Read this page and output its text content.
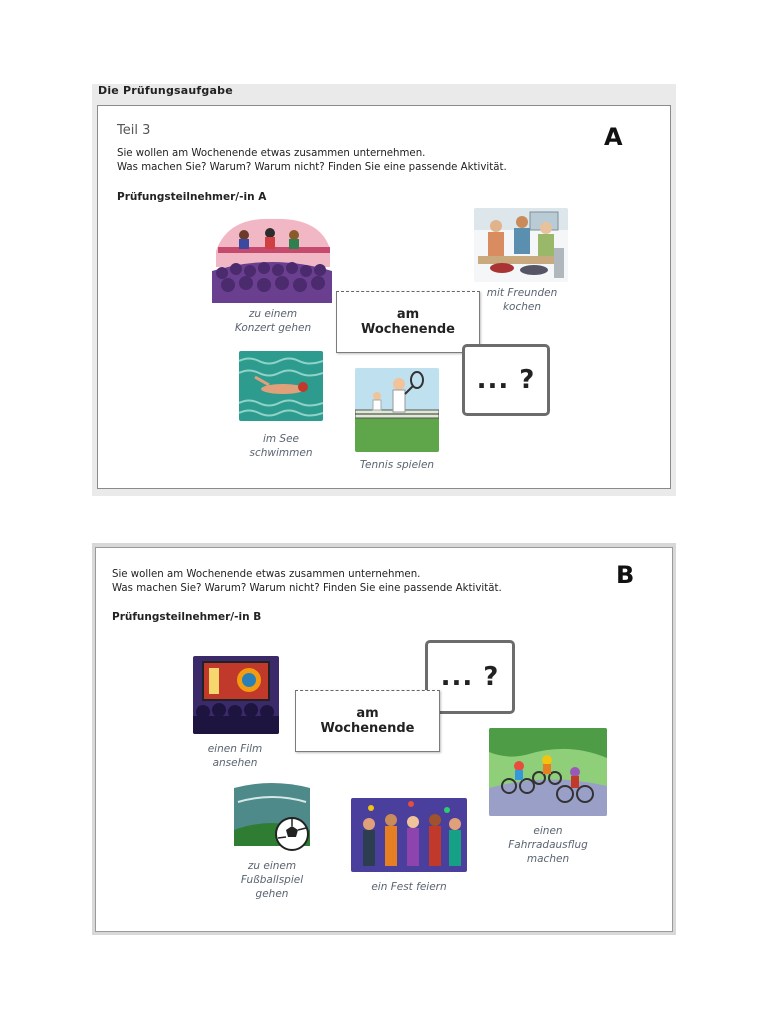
Die Prüfungsaufgabe
Teil 3	A
Sie wollen am Wochenende etwas zusammen unternehmen.
Was machen Sie? Warum? Warum nicht? Finden Sie eine passende Aktivität.
Prüfungsteilnehmer/-in A
zu einem
Konzert gehen
mit Freunden
kochen
am
Wochenende
... ?
im See
schwimmen
Tennis spielen
Sie wollen am Wochenende etwas zusammen unternehmen.
Was machen Sie? Warum? Warum nicht? Finden Sie eine passende Aktivität.	B
Prüfungsteilnehmer/-in B
... ?
am
Wochenende
einen Film
ansehen
einen
Fahrradausflug
machen
zu einem
Fußballspiel
gehen
ein Fest feiern
